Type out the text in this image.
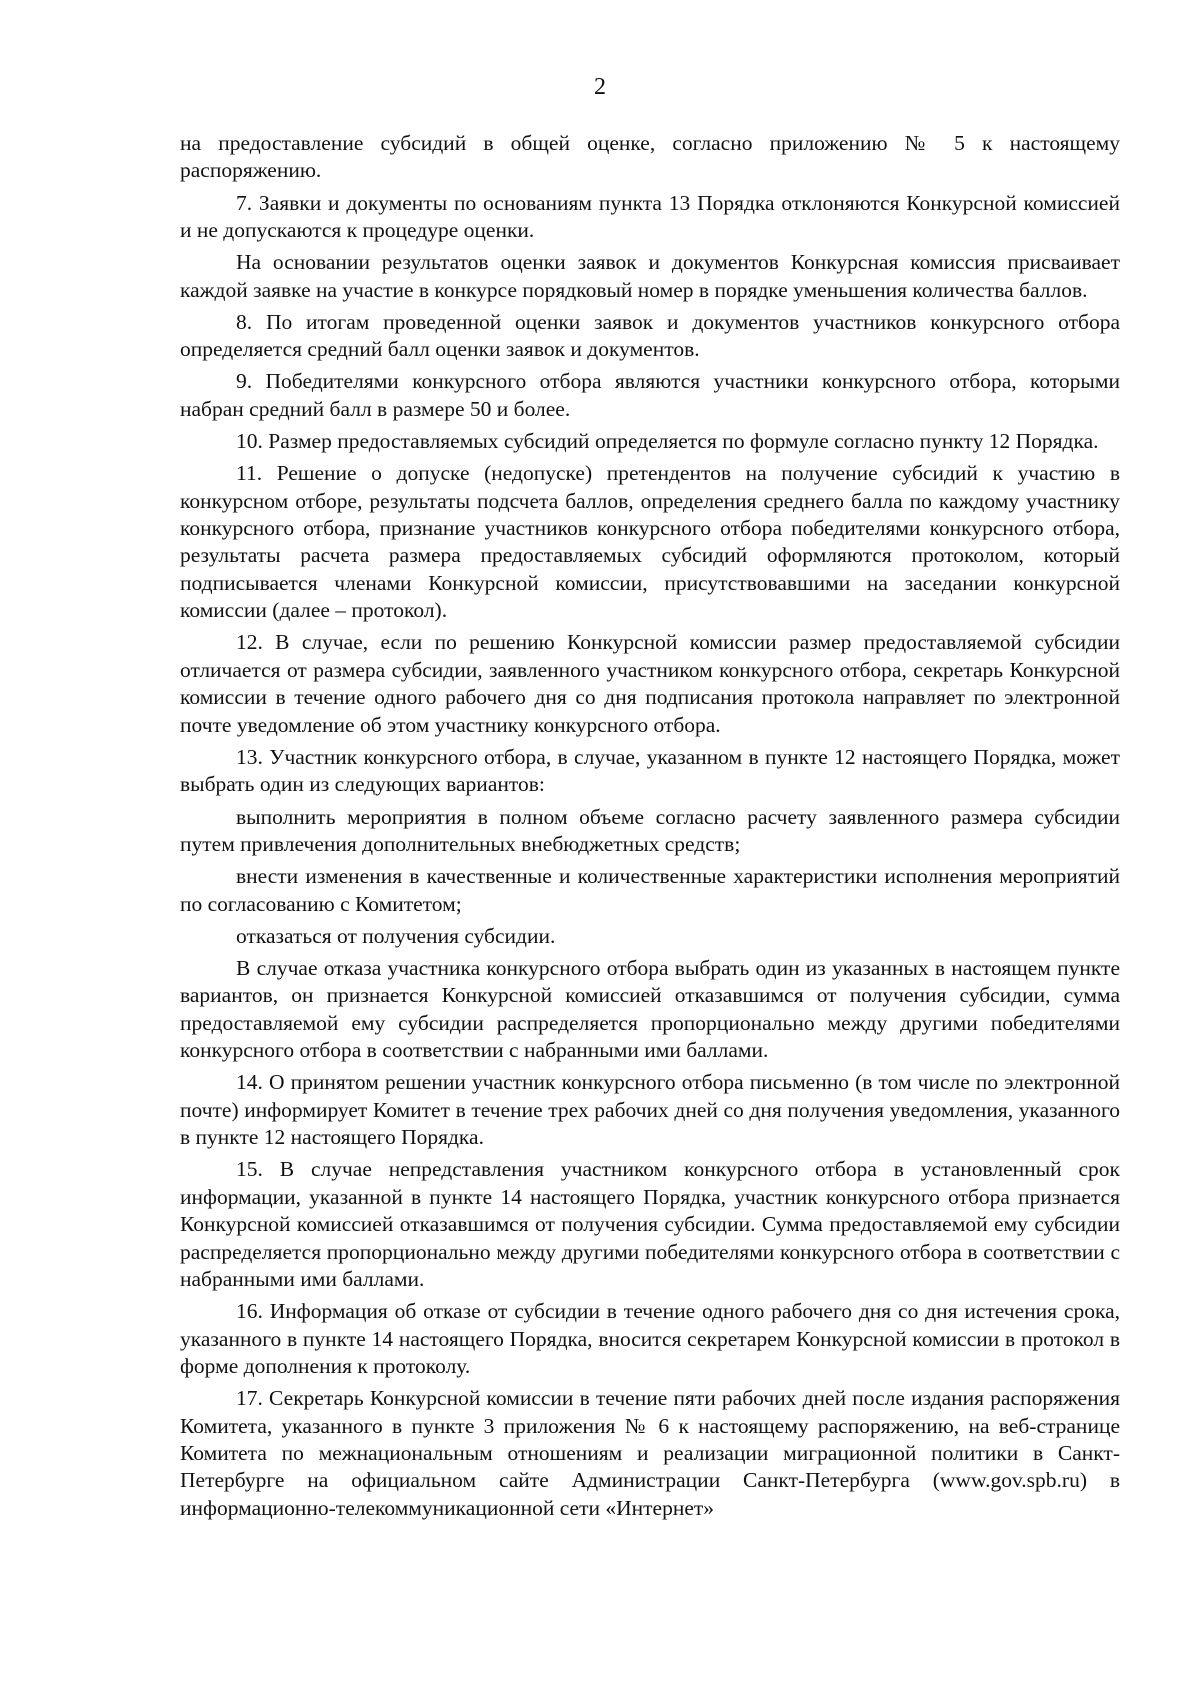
2

на предоставление субсидий в общей оценке, согласно приложению № 5 к настоящему распоряжению.

7. Заявки и документы по основаниям пункта 13 Порядка отклоняются Конкурсной комиссией и не допускаются к процедуре оценки.

На основании результатов оценки заявок и документов Конкурсная комиссия присваивает каждой заявке на участие в конкурсе порядковый номер в порядке уменьшения количества баллов.

8. По итогам проведенной оценки заявок и документов участников конкурсного отбора определяется средний балл оценки заявок и документов.

9. Победителями конкурсного отбора являются участники конкурсного отбора, которыми набран средний балл в размере 50 и более.

10. Размер предоставляемых субсидий определяется по формуле согласно пункту 12 Порядка.

11. Решение о допуске (недопуске) претендентов на получение субсидий к участию в конкурсном отборе, результаты подсчета баллов, определения среднего балла по каждому участнику конкурсного отбора, признание участников конкурсного отбора победителями конкурсного отбора, результаты расчета размера предоставляемых субсидий оформляются протоколом, который подписывается членами Конкурсной комиссии, присутствовавшими на заседании конкурсной комиссии (далее – протокол).

12. В случае, если по решению Конкурсной комиссии размер предоставляемой субсидии отличается от размера субсидии, заявленного участником конкурсного отбора, секретарь Конкурсной комиссии в течение одного рабочего дня со дня подписания протокола направляет по электронной почте уведомление об этом участнику конкурсного отбора.

13. Участник конкурсного отбора, в случае, указанном в пункте 12 настоящего Порядка, может выбрать один из следующих вариантов:

выполнить мероприятия в полном объеме согласно расчету заявленного размера субсидии путем привлечения дополнительных внебюджетных средств;

внести изменения в качественные и количественные характеристики исполнения мероприятий по согласованию с Комитетом;

отказаться от получения субсидии.

В случае отказа участника конкурсного отбора выбрать один из указанных в настоящем пункте вариантов, он признается Конкурсной комиссией отказавшимся от получения субсидии, сумма предоставляемой ему субсидии распределяется пропорционально между другими победителями конкурсного отбора в соответствии с набранными ими баллами.

14. О принятом решении участник конкурсного отбора письменно (в том числе по электронной почте) информирует Комитет в течение трех рабочих дней со дня получения уведомления, указанного в пункте 12 настоящего Порядка.

15. В случае непредставления участником конкурсного отбора в установленный срок информации, указанной в пункте 14 настоящего Порядка, участник конкурсного отбора признается Конкурсной комиссией отказавшимся от получения субсидии. Сумма предоставляемой ему субсидии распределяется пропорционально между другими победителями конкурсного отбора в соответствии с набранными ими баллами.

16. Информация об отказе от субсидии в течение одного рабочего дня со дня истечения срока, указанного в пункте 14 настоящего Порядка, вносится секретарем Конкурсной комиссии в протокол в форме дополнения к протоколу.

17. Секретарь Конкурсной комиссии в течение пяти рабочих дней после издания распоряжения Комитета, указанного в пункте 3 приложения № 6 к настоящему распоряжению, на веб-странице Комитета по межнациональным отношениям и реализации миграционной политики в Санкт-Петербурге на официальном сайте Администрации Санкт-Петербурга (www.gov.spb.ru) в информационно-телекоммуникационной сети «Интернет»
